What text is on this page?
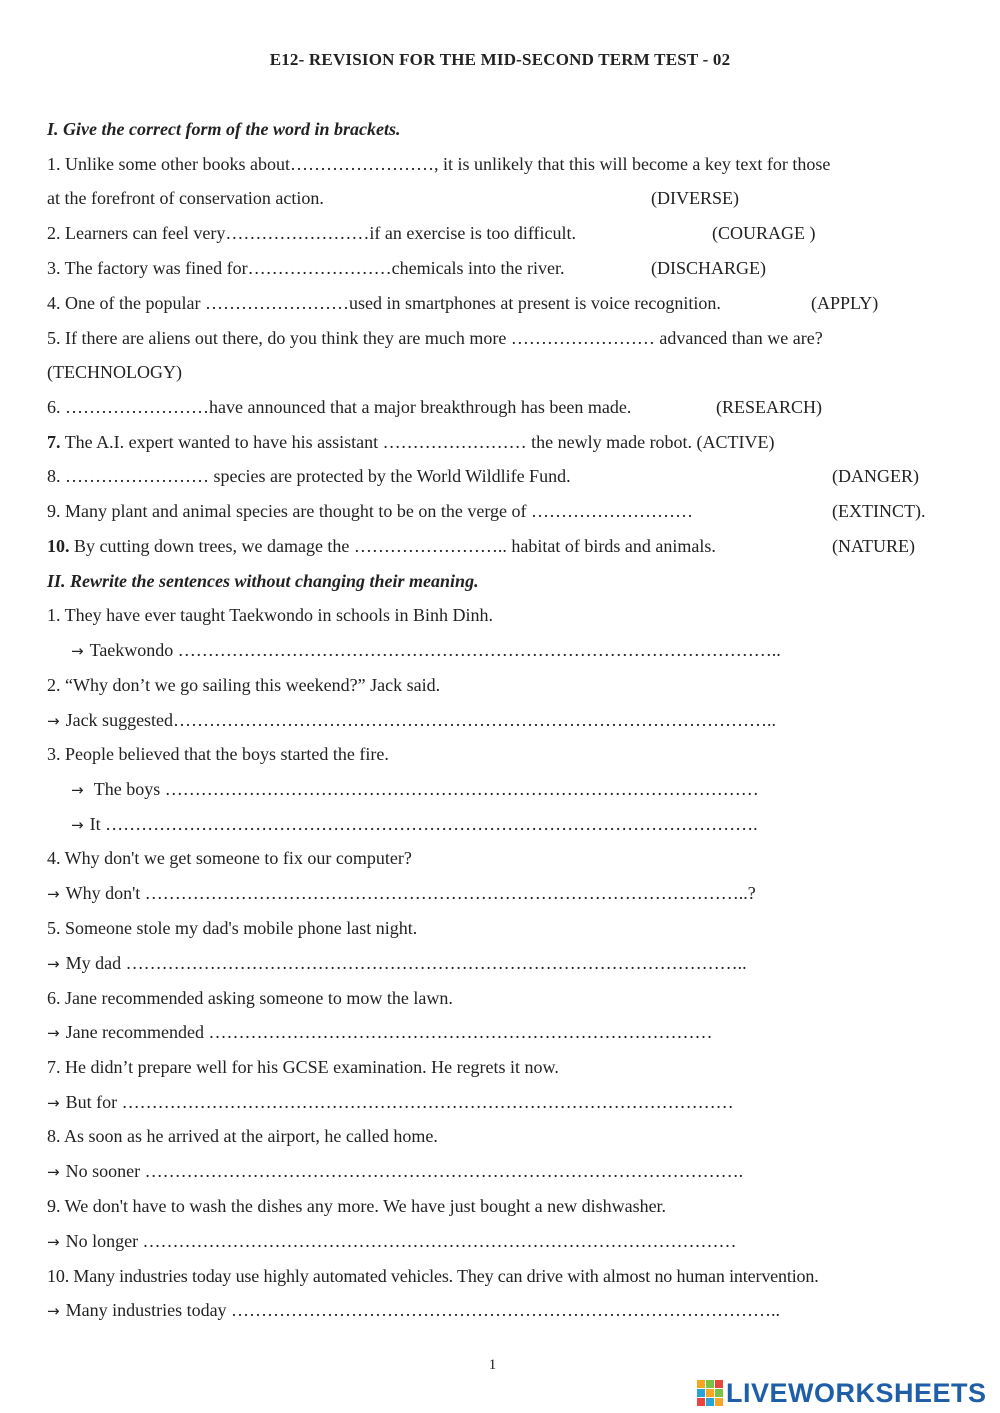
E12- REVISION FOR THE MID-SECOND TERM TEST - 02
I. Give the correct form of the word in brackets.
1. Unlike some other books about……………………, it is unlikely that this will become a key text for those
at the forefront of conservation action.	(DIVERSE)
2. Learners can feel very……………………if an exercise is too difficult.	(COURAGE )
3. The factory was fined for……………………chemicals into the river.	(DISCHARGE)
4. One of the popular ……………………used in smartphones at present is voice recognition.	(APPLY)
5. If there are aliens out there, do you think they are much more …………………… advanced than we are?
(TECHNOLOGY)
6. ……………………have announced that a major breakthrough has been made.	(RESEARCH)
7. The A.I. expert wanted to have his assistant …………………… the newly made robot. (ACTIVE)
8. …………………… species are protected by the World Wildlife Fund.	(DANGER)
9. Many plant and animal species are thought to be on the verge of ………………………	(EXTINCT).
10. By cutting down trees, we damage the …………………….. habitat of birds and animals.	(NATURE)
II. Rewrite the sentences without changing their meaning.
1. They have ever taught Taekwondo in schools in Binh Dinh.
→ Taekwondo ………………………………………………………………………………………..
2. “Why don’t we go sailing this weekend?” Jack said.
→ Jack suggested………………………………………………………………………………………..
3. People believed that the boys started the fire.
→ The boys ………………………………………………………………………………………
→ It ……………………………………………………………………………………………….
4. Why don't we get someone to fix our computer?
→ Why don't ………………………………………………………………………………………..?
5. Someone stole my dad's mobile phone last night.
→ My dad …………………………………………………………………………………………..
6. Jane recommended asking someone to mow the lawn.
→ Jane recommended …………………………………………………………………………
7. He didn’t prepare well for his GCSE examination. He regrets it now.
→ But for …………………………………………………………………………………………
8. As soon as he arrived at the airport, he called home.
→ No sooner ……………………………………………………………………………………….
9. We don't have to wash the dishes any more. We have just bought a new dishwasher.
→ No longer ………………………………………………………………………………………
10. Many industries today use highly automated vehicles. They can drive with almost no human intervention.
→ Many industries today ………………………………………………………………………………..
1
LIVEWORKSHEETS
